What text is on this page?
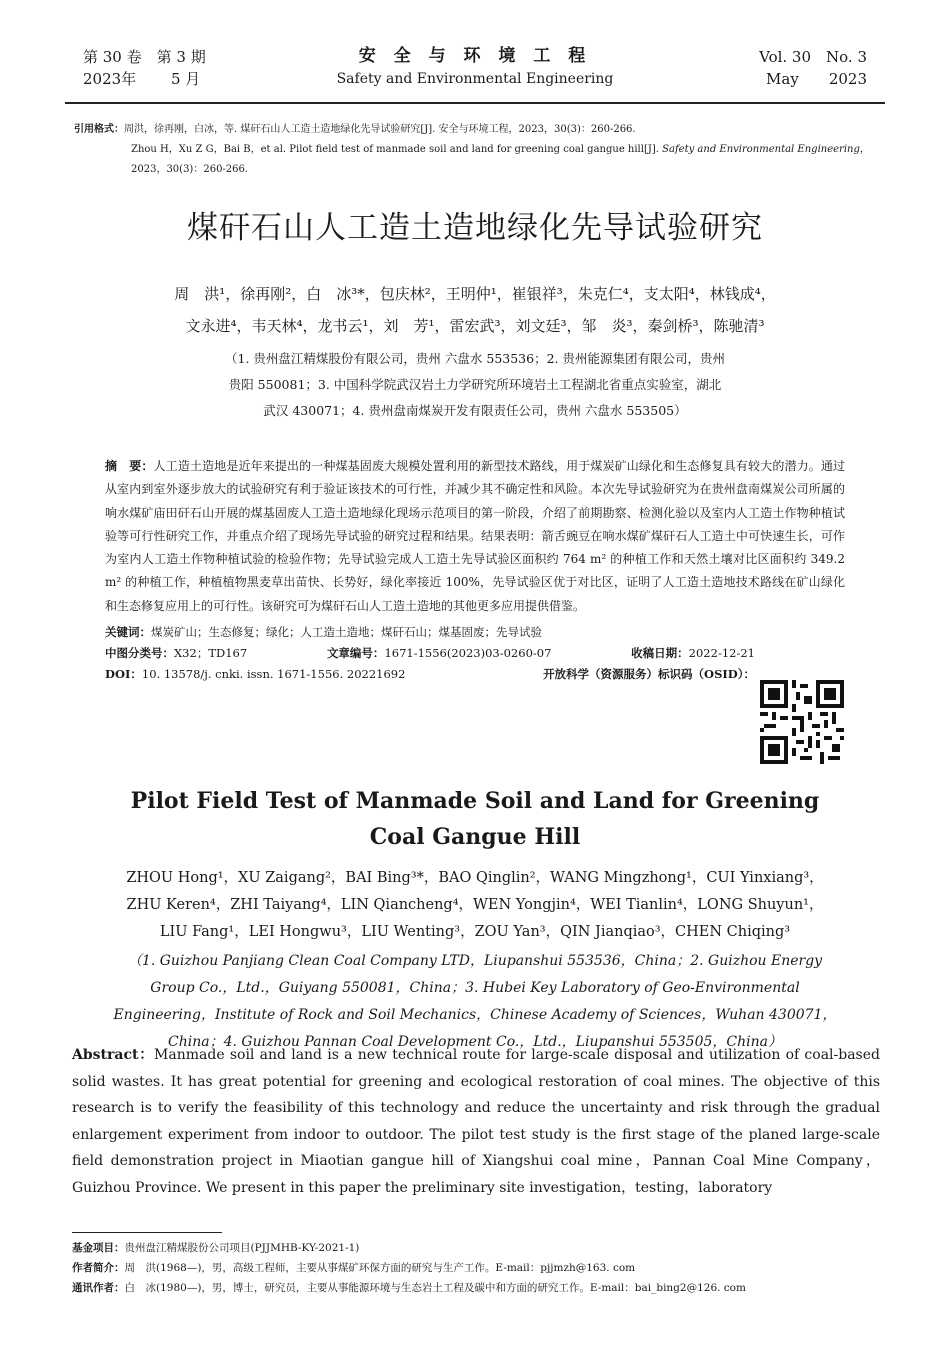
第 30 卷　第 3 期
2023年　　 5 月
安 全 与 环 境 工 程
Safety and Environmental Engineering
Vol. 30　No. 3
May　　2023
引用格式：周洪，徐再刚，白冰，等. 煤矸石山人工造土造地绿化先导试验研究[J]. 安全与环境工程，2023，30(3)：260-266.
Zhou H，Xu Z G，Bai B，et al. Pilot field test of manmade soil and land for greening coal gangue hill[J]. Safety and Environmental Engineering，2023，30(3)：260-266.
煤矸石山人工造土造地绿化先导试验研究
周　洪¹，徐再刚²，白　冰³*，包庆林²，王明仲¹，崔银祥³，朱克仁⁴，支太阳⁴，林钱成⁴，
文永进⁴，韦天林⁴，龙书云¹，刘　芳¹，雷宏武³，刘文廷³，邹　炎³，秦剑桥³，陈驰清³
（1. 贵州盘江精煤股份有限公司，贵州 六盘水 553536；2. 贵州能源集团有限公司，贵州
贵阳 550081；3. 中国科学院武汉岩土力学研究所环境岩土工程湖北省重点实验室，湖北
武汉 430071；4. 贵州盘南煤炭开发有限责任公司，贵州 六盘水 553505）
摘　要：人工造土造地是近年来提出的一种煤基固废大规模处置利用的新型技术路线，用于煤炭矿山绿化和生态修复具有较大的潜力。通过从室内到室外逐步放大的试验研究有利于验证该技术的可行性，并减少其不确定性和风险。本次先导试验研究为在贵州盘南煤炭公司所属的响水煤矿庙田矸石山开展的煤基固废人工造土造地绿化现场示范项目的第一阶段，介绍了前期勘察、检测化验以及室内人工造土作物种植试验等可行性研究工作，并重点介绍了现场先导试验的研究过程和结果。结果表明：箭舌豌豆在响水煤矿煤矸石人工造土中可快速生长，可作为室内人工造土作物种植试验的检验作物；先导试验完成人工造土先导试验区面积约 764 m² 的种植工作和天然土壤对比区面积约 349.2 m² 的种植工作，种植植物黑麦草出苗快、长势好，绿化率接近 100%，先导试验区优于对比区，证明了人工造土造地技术路线在矿山绿化和生态修复应用上的可行性。该研究可为煤矸石山人工造土造地的其他更多应用提供借鉴。
关键词：煤炭矿山；生态修复；绿化；人工造土造地；煤矸石山；煤基固废；先导试验
中图分类号：X32；TD167	文章编号：1671-1556(2023)03-0260-07	收稿日期：2022-12-21
DOI：10. 13578/j. cnki. issn. 1671-1556. 20221692	开放科学（资源服务）标识码（OSID）：
Pilot Field Test of Manmade Soil and Land for Greening
Coal Gangue Hill
ZHOU Hong¹，XU Zaigang²，BAI Bing³*，BAO Qinglin²，WANG Mingzhong¹，CUI Yinxiang³，
ZHU Keren⁴，ZHI Taiyang⁴，LIN Qiancheng⁴，WEN Yongjin⁴，WEI Tianlin⁴，LONG Shuyun¹，
LIU Fang¹，LEI Hongwu³，LIU Wenting³，ZOU Yan³，QIN Jianqiao³，CHEN Chiqing³
（1. Guizhou Panjiang Clean Coal Company LTD，Liupanshui 553536，China；2. Guizhou Energy
Group Co.，Ltd.，Guiyang 550081，China；3. Hubei Key Laboratory of Geo-Environmental
Engineering，Institute of Rock and Soil Mechanics，Chinese Academy of Sciences，Wuhan 430071，
China；4. Guizhou Pannan Coal Development Co.，Ltd.，Liupanshui 553505，China）
Abstract：Manmade soil and land is a new technical route for large-scale disposal and utilization of coal-based solid wastes. It has great potential for greening and ecological restoration of coal mines. The objective of this research is to verify the feasibility of this technology and reduce the uncertainty and risk through the gradual enlargement experiment from indoor to outdoor. The pilot test study is the first stage of the planed large-scale field demonstration project in Miaotian gangue hill of Xiangshui coal mine，Pannan Coal Mine Company，Guizhou Province. We present in this paper the preliminary site investigation，testing，laboratory
基金项目：贵州盘江精煤股份公司项目(PJJMHB-KY-2021-1)
作者简介：周　洪(1968—)，男，高级工程师，主要从事煤矿环保方面的研究与生产工作。E-mail：pjjmzh@163. com
通讯作者：白　冰(1980—)，男，博士，研究员，主要从事能源环境与生态岩土工程及碳中和方面的研究工作。E-mail：bai_bing2@126. com
